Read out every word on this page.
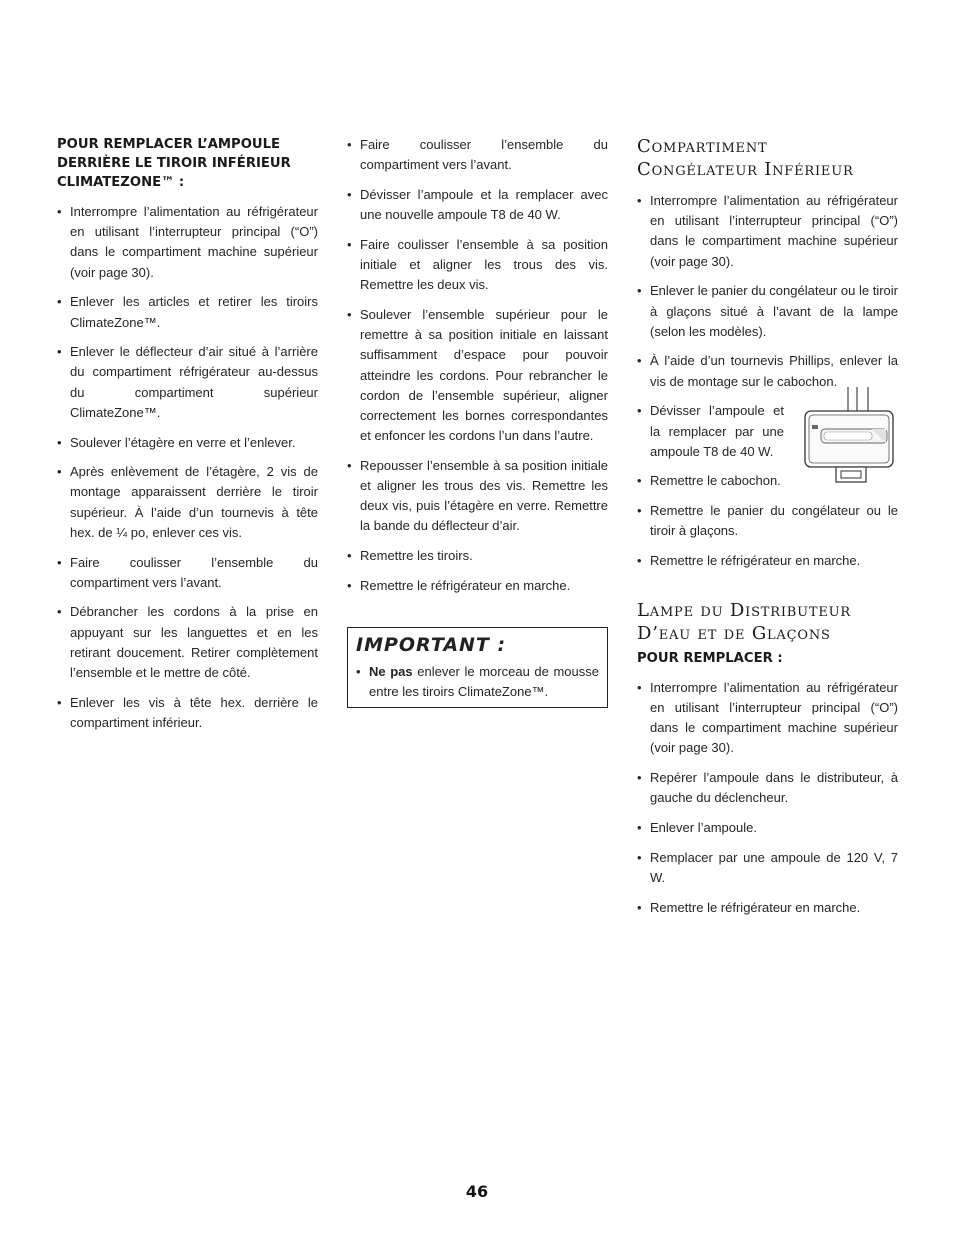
POUR REMPLACER L’AMPOULE DERRIÈRE LE TIROIR INFÉRIEUR CLIMATEZONE™ :
• Interrompre l’alimentation au réfrigérateur en utilisant l’interrupteur principal (“O”) dans le compartiment machine supérieur (voir page 30).
• Enlever les articles et retirer les tiroirs ClimateZone™.
• Enlever le déflecteur d’air situé à l’arrière du compartiment réfrigérateur au-dessus du compartiment supérieur ClimateZone™.
• Soulever l’étagère en verre et l’enlever.
• Après enlèvement de l’étagère, 2 vis de montage apparaissent derrière le tiroir supérieur. À l’aide d’un tournevis à tête hex. de ¼ po, enlever ces vis.
• Faire coulisser l’ensemble du compartiment vers l’avant.
• Débrancher les cordons à la prise en appuyant sur les languettes et en les retirant doucement. Retirer complètement l’ensemble et le mettre de côté.
• Enlever les vis à tête hex. derrière le compartiment inférieur.
• Faire coulisser l’ensemble du compartiment vers l’avant.
• Dévisser l’ampoule et la remplacer avec une nouvelle ampoule T8 de 40 W.
• Faire coulisser l’ensemble à sa position initiale et aligner les trous des vis. Remettre les deux vis.
• Soulever l’ensemble supérieur pour le remettre à sa position initiale en laissant suffisamment d’espace pour pouvoir atteindre les cordons. Pour rebrancher le cordon de l’ensemble supérieur, aligner correctement les bornes correspondantes et enfoncer les cordons l’un dans l’autre.
• Repousser l’ensemble à sa position initiale et aligner les trous des vis. Remettre les deux vis, puis l’étagère en verre. Remettre la bande du déflecteur d’air.
• Remettre les tiroirs.
• Remettre le réfrigérateur en marche.
IMPORTANT :
• Ne pas enlever le morceau de mousse entre les tiroirs ClimateZone™.
Compartiment
Congélateur Inférieur
• Interrompre l’alimentation au réfrigérateur en utilisant l’interrupteur principal (“O”) dans le compartiment machine supérieur (voir page 30).
• Enlever le panier du congélateur ou le tiroir à glaçons situé à l’avant de la lampe (selon les modèles).
• À l’aide d’un tournevis Phillips, enlever la vis de montage sur le cabochon.
• Dévisser l’ampoule et la remplacer par une ampoule T8 de 40 W.
• Remettre le cabochon.
• Remettre le panier du congélateur ou le tiroir à glaçons.
• Remettre le réfrigérateur en marche.
Lampe du Distributeur
D’eau et de Glaçons
POUR REMPLACER :
• Interrompre l’alimentation au réfrigérateur en utilisant l’interrupteur principal (“O”) dans le compartiment machine supérieur (voir page 30).
• Repérer l’ampoule dans le distributeur, à gauche du déclencheur.
• Enlever l’ampoule.
• Remplacer par une ampoule de 120 V, 7 W.
• Remettre le réfrigérateur en marche.
46
